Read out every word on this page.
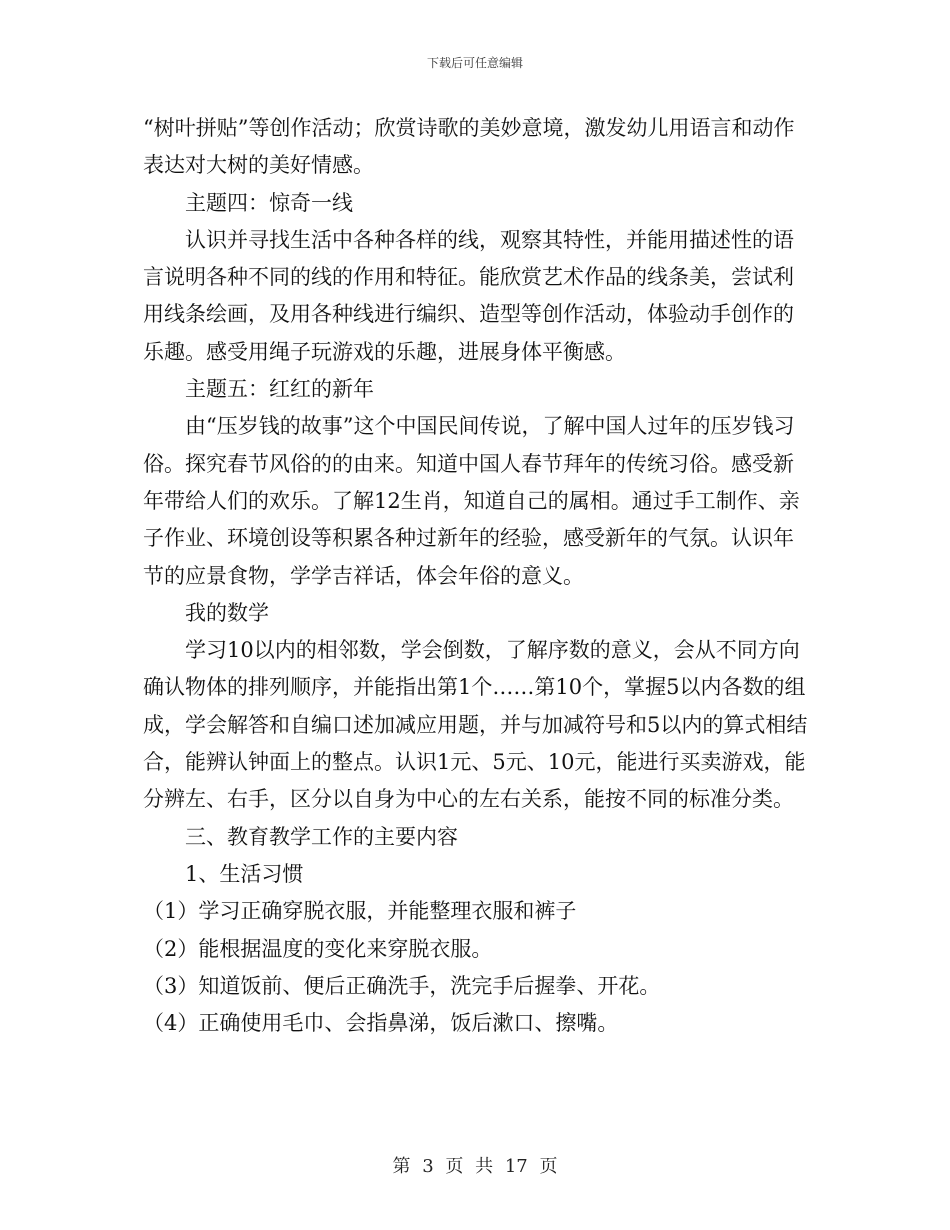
下载后可任意编辑

“树叶拼贴”等创作活动；欣赏诗歌的美妙意境，激发幼儿用语言和动作表达对大树的美好情感。

主题四：惊奇一线

认识并寻找生活中各种各样的线，观察其特性，并能用描述性的语言说明各种不同的线的作用和特征。能欣赏艺术作品的线条美，尝试利用线条绘画，及用各种线进行编织、造型等创作活动，体验动手创作的乐趣。感受用绳子玩游戏的乐趣，进展身体平衡感。

主题五：红红的新年

由“压岁钱的故事”这个中国民间传说，了解中国人过年的压岁钱习俗。探究春节风俗的的由来。知道中国人春节拜年的传统习俗。感受新年带给人们的欢乐。了解12生肖，知道自己的属相。通过手工制作、亲子作业、环境创设等积累各种过新年的经验，感受新年的气氛。认识年节的应景食物，学学吉祥话，体会年俗的意义。

我的数学

学习10以内的相邻数，学会倒数，了解序数的意义，会从不同方向确认物体的排列顺序，并能指出第1个……第10个，掌握5以内各数的组成，学会解答和自编口述加减应用题，并与加减符号和5以内的算式相结合，能辨认钟面上的整点。认识1元、5元、10元，能进行买卖游戏，能分辨左、右手，区分以自身为中心的左右关系，能按不同的标准分类。

三、教育教学工作的主要内容

1、生活习惯

（1）学习正确穿脱衣服，并能整理衣服和裤子

（2）能根据温度的变化来穿脱衣服。

（3）知道饭前、便后正确洗手，洗完手后握拳、开花。

（4）正确使用毛巾、会指鼻涕，饭后漱口、擦嘴。

第 3 页 共 17 页
